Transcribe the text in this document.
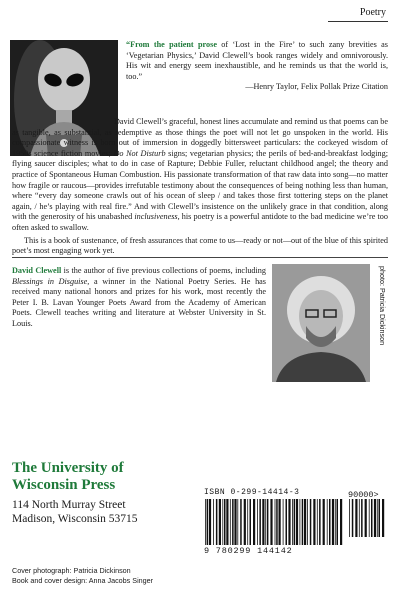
Poetry
“From the patient prose of ‘Lost in the Fire’ to such zany brevities as ‘Vegetarian Physics,’ David Clewell’s book ranges widely and omnivorously. His wit and energy seem inexhaustible, and he reminds us that the world is, too.”
—Henry Taylor, Felix Pollak Prize Citation

David Clewell’s graceful, honest lines accumulate and remind us that poems can be as tangible, as substantial, as redemptive as those things the poet will not let go unspoken in the world. His compassionate witness is born out of immersion in doggedly bittersweet particulars: the cockeyed wisdom of 1950s science fiction movies; Do Not Disturb signs; vegetarian physics; the perils of bed-and-breakfast lodging; flying saucer disciples; what to do in case of Rapture; Debbie Fuller, reluctant childhood angel; the theory and practice of Spontaneous Human Combustion. His passionate transformation of that raw data into song—no matter how fragile or raucous—provides irrefutable testimony about the consequences of being nothing less than human, where “every day someone crawls out of his ocean of sleep / and takes those first tottering steps on the planet again, / he’s playing with real fire.” And with Clewell’s insistence on the unlikely grace in that condition, along with the generosity of his unabashed inclusiveness, his poetry is a powerful antidote to the bad medicine we’re too often asked to swallow.

This is a book of sustenance, of fresh assurances that come to us—ready or not—out of the blue of this spirited poet’s most engaging work yet.

David Clewell is the author of five previous collections of poems, including Blessings in Disguise, a winner in the National Poetry Series. He has received many national honors and prizes for his work, most recently the Peter I. B. Lavan Younger Poets Award from the Academy of American Poets. Clewell teaches writing and literature at Webster University in St. Louis.	photo: Patricia Dickinson
The University of
Wisconsin Press
114 North Murray Street
Madison, Wisconsin 53715
ISBN 0-299-14414-3
9 780299 144142
90000>
Cover photograph: Patricia Dickinson
Book and cover design: Anna Jacobs Singer
